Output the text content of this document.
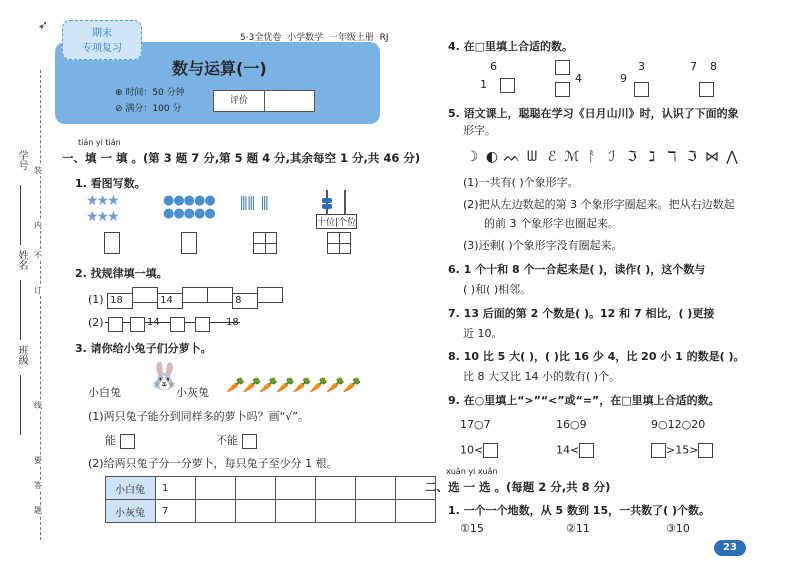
➶
学号
姓名
班级
装
订
线
内
不
要
答
题
期末
专项复习
5·3全优卷 小学数学 一年级上册 RJ
数与运算(一)
⊕ 时间：50 分钟
⊘ 满分：100 分
评价
tián yi tián
一、填 一 填 。(第 3 题 7 分,第 5 题 4 分,其余每空 1 分,共 46 分)
1. 看图写数。
★★★
★★★
●●●●●
●●●●● ⫴⫴ ⫴
十位|个位
2. 找规律填一填。
(1) 18	14	8
(2)	14	18
3. 请你给小兔子们分萝卜。
小白兔
🐰
小灰兔 🥕🥕🥕🥕🥕🥕🥕🥕
(1)两只兔子能分到同样多的萝卜吗？画“√”。
能	不能
(2)给两只兔子分一分萝卜，每只兔子至少分 1 根。
小白兔	1						
小灰兔	7						
4. 在□里填上合适的数。
6
1	4	9
3	7 8
5. 语文课上，聪聪在学习《日月山川》时，认识了下面的象
形字。
☽ ◐ ᨓ ᗯ ℰ ℳ ᚨ ℐ ℑ ℷ ℸ ℑ ⋈ ⋀
(1)一共有( )个象形字。
(2)把从左边数起的第 3 个象形字圈起来。把从右边数起
的前 3 个象形字也圈起来。
(3)还剩( )个象形字没有圈起来。
6. 1 个十和 8 个一合起来是( )，读作( )，这个数与
( )和( )相邻。
7. 13 后面的第 2 个数是( )。12 和 7 相比，( )更接
近 10。
8. 10 比 5 大( )，( )比 16 少 4，比 20 小 1 的数是( )。
比 8 大又比 14 小的数有( )个。
9. 在○里填上“>”“<”或“=”，在□里填上合适的数。
17○7	16○9	9○12○20
10<	14<	>15>
xuǎn yi xuǎn
二、选 一 选 。(每题 2 分,共 8 分)
1. 一个一个地数，从 5 数到 15，一共数了( )个数。
①15	②11	③10
23
